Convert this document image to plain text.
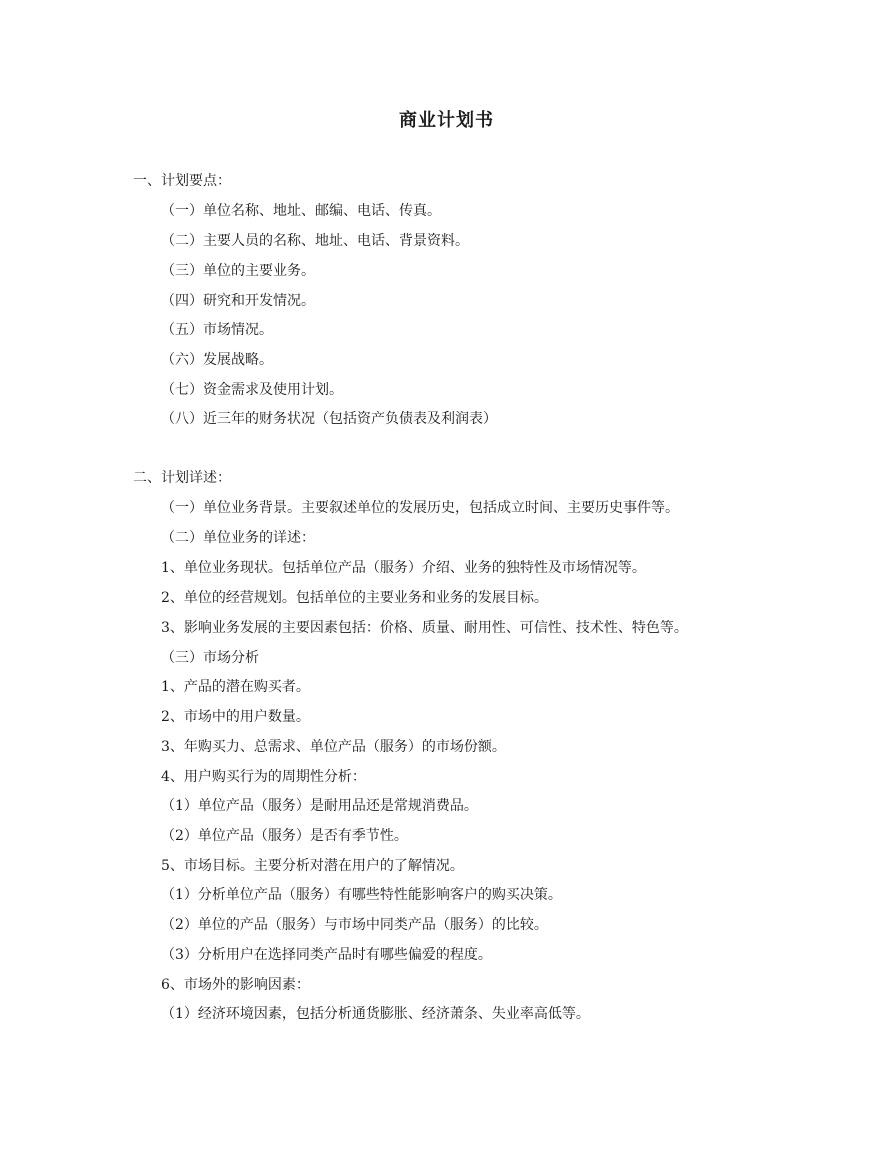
商业计划书

一、计划要点：

（一）单位名称、地址、邮编、电话、传真。

（二）主要人员的名称、地址、电话、背景资料。

（三）单位的主要业务。

（四）研究和开发情况。

（五）市场情况。

（六）发展战略。

（七）资金需求及使用计划。

（八）近三年的财务状况（包括资产负债表及利润表）

二、计划详述：

（一）单位业务背景。主要叙述单位的发展历史，包括成立时间、主要历史事件等。

（二）单位业务的详述：

1、单位业务现状。包括单位产品（服务）介绍、业务的独特性及市场情况等。

2、单位的经营规划。包括单位的主要业务和业务的发展目标。

3、影响业务发展的主要因素包括：价格、质量、耐用性、可信性、技术性、特色等。

（三）市场分析

1、产品的潜在购买者。

2、市场中的用户数量。

3、年购买力、总需求、单位产品（服务）的市场份额。

4、用户购买行为的周期性分析：

（1）单位产品（服务）是耐用品还是常规消费品。

（2）单位产品（服务）是否有季节性。

5、市场目标。主要分析对潜在用户的了解情况。

（1）分析单位产品（服务）有哪些特性能影响客户的购买决策。

（2）单位的产品（服务）与市场中同类产品（服务）的比较。

（3）分析用户在选择同类产品时有哪些偏爱的程度。

6、市场外的影响因素：

（1）经济环境因素，包括分析通货膨胀、经济萧条、失业率高低等。
